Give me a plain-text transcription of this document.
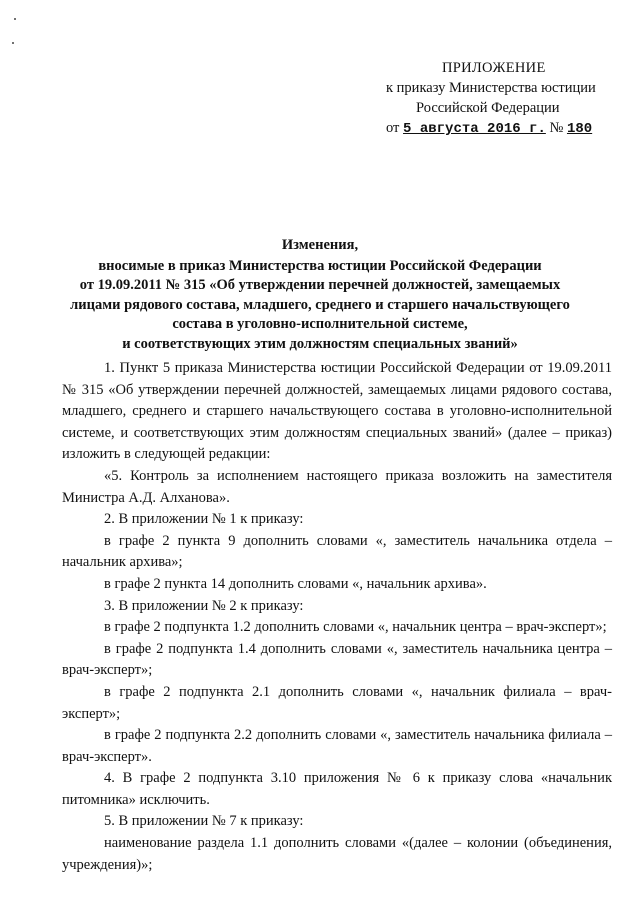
ПРИЛОЖЕНИЕ
к приказу Министерства юстиции
Российской Федерации
от 5 августа 2016 г. № 180
Изменения,
вносимые в приказ Министерства юстиции Российской Федерации
от 19.09.2011 № 315 «Об утверждении перечней должностей, замещаемых
лицами рядового состава, младшего, среднего и старшего начальствующего
состава в уголовно-исполнительной системе,
и соответствующих этим должностям специальных званий»

1. Пункт 5 приказа Министерства юстиции Российской Федерации от 19.09.2011 № 315 «Об утверждении перечней должностей, замещаемых лицами рядового состава, младшего, среднего и старшего начальствующего состава в уголовно-исполнительной системе, и соответствующих этим должностям специальных званий» (далее – приказ) изложить в следующей редакции:

«5. Контроль за исполнением настоящего приказа возложить на заместителя Министра А.Д. Алханова».

2. В приложении № 1 к приказу:

в графе 2 пункта 9 дополнить словами «, заместитель начальника отдела – начальник архива»;

в графе 2 пункта 14 дополнить словами «, начальник архива».

3. В приложении № 2 к приказу:

в графе 2 подпункта 1.2 дополнить словами «, начальник центра – врач-эксперт»;

в графе 2 подпункта 1.4 дополнить словами «, заместитель начальника центра – врач-эксперт»;

в графе 2 подпункта 2.1 дополнить словами «, начальник филиала – врач-эксперт»;

в графе 2 подпункта 2.2 дополнить словами «, заместитель начальника филиала – врач-эксперт».

4. В графе 2 подпункта 3.10 приложения № 6 к приказу слова «начальник питомника» исключить.

5. В приложении № 7 к приказу:

наименование раздела 1.1 дополнить словами «(далее – колонии (объединения, учреждения)»;
